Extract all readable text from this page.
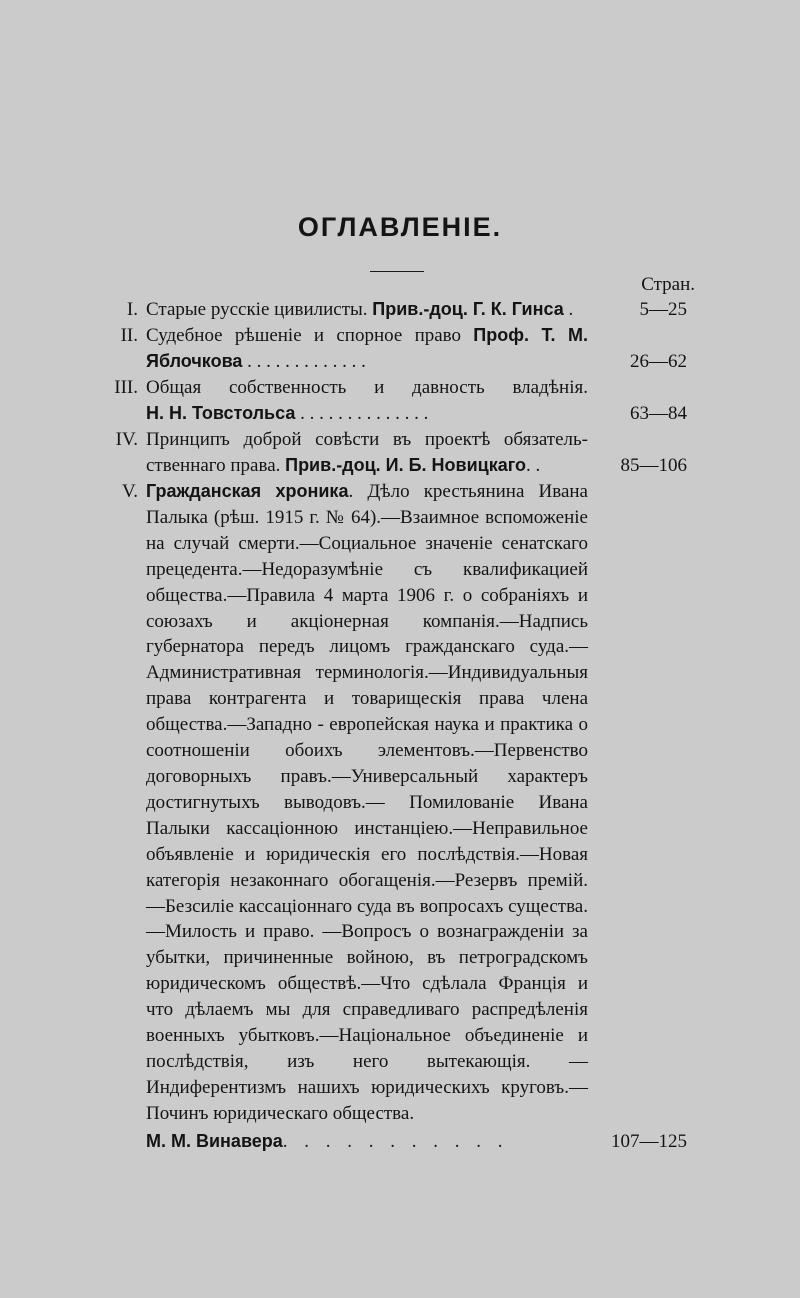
ОГЛАВЛЕНІЕ.
Стран.
I. Старые русскіе цивилисты. Прив.-доц. Г. К. Гинса .	5—25
II. Судебное рѣшеніе и спорное право Проф. Т. М.
Яблочкова . . . . . . . . . . . . .	26—62
III. Общая собственность и давность владѣнія.
Н. Н. Товстольса . . . . . . . . . . . . . .	63—84
IV. Принципъ доброй совѣсти въ проектѣ обязатель-
ственнаго права. Прив.-доц. И. Б. Новицкаго. .	85—106
V. Гражданская хроника. Дѣло крестьянина Ивана Палыка (рѣш. 1915 г. № 64).—Взаимное вспоможеніе на случай смерти.—Социальное значеніе сенатскаго прецедента.—Недоразумѣніе съ квалификацией общества.—Правила 4 марта 1906 г. о собраніяхъ и союзахъ и акціонерная компанія.—Надпись губернатора передъ лицомъ гражданскаго суда.—Административная терминологія.—Индивидуальныя права контрагента и товарищескія права члена общества.—Западно - европейская наука и практика о соотношеніи обоихъ элементовъ.—Первенство договорныхъ правъ.—Универсальный характеръ достигнутыхъ выводовъ.— Помилованіе Ивана Палыки кассаціонною инстанціею.—Неправильное объявленіе и юридическія его послѣдствія.—Новая категорія незаконнаго обогащенія.—Резервъ премій.—Безсиліе кассаціоннаго суда въ вопросахъ существа.—Милость и право. —Вопросъ о вознагражденіи за убытки, причиненные войною, въ петроградскомъ юридическомъ обществѣ.—Что сдѣлала Франція и что дѣлаемъ мы для справедливаго распредѣленія военныхъ убытковъ.—Національное объединеніе и послѣдствія, изъ него вытекающія. — Индиферентизмъ нашихъ юридическихъ круговъ.—Починъ юридическаго общества.
М. М. Винавера. . . . . . . . . . .	107—125
